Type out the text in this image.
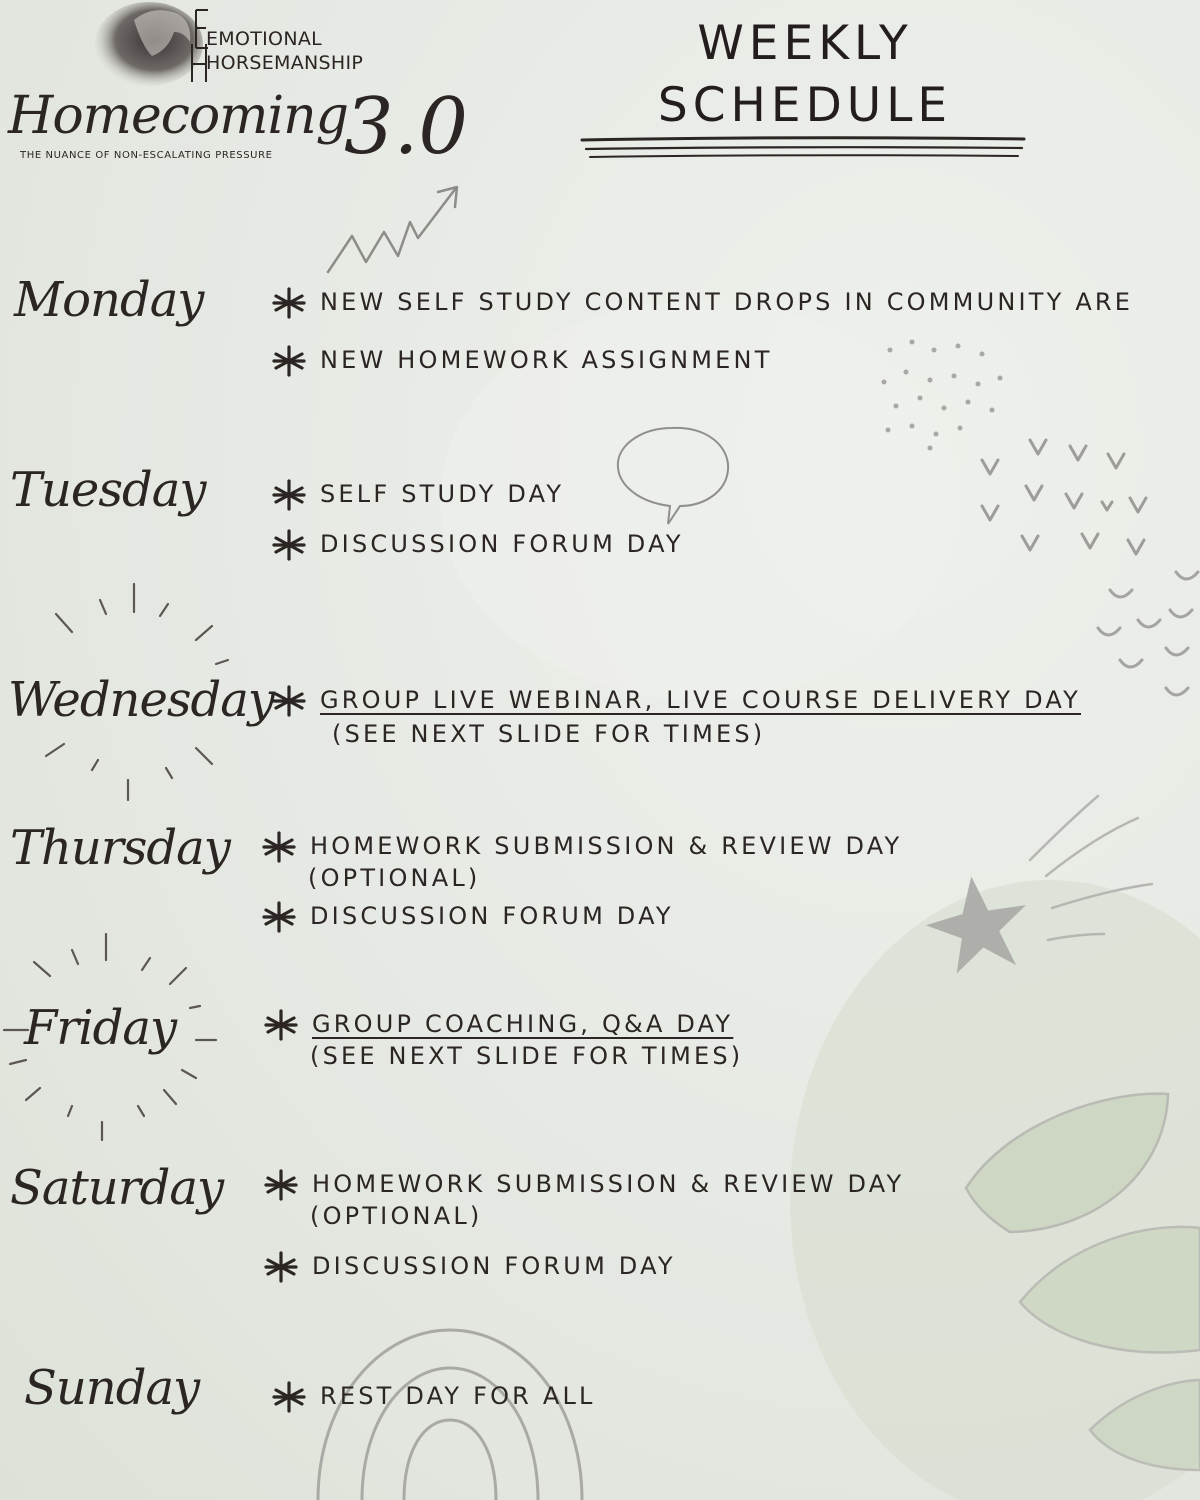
EMOTIONAL

HORSEMANSHIP

Homecoming

3.0

THE NUANCE OF NON-ESCALATING PRESSURE

WEEKLY
SCHEDULE

Monday	NEW SELF STUDY CONTENT DROPS IN COMMUNITY ARE
NEW HOMEWORK ASSIGNMENT

Tuesday	SELF STUDY DAY
DISCUSSION FORUM DAY

Wednesday GROUP LIVE WEBINAR, LIVE COURSE DELIVERY DAY
(SEE NEXT SLIDE FOR TIMES)

Thursday	HOMEWORK SUBMISSION & REVIEW DAY
(OPTIONAL)
DISCUSSION FORUM DAY

Friday	GROUP COACHING, Q&A DAY
(SEE NEXT SLIDE FOR TIMES)

Saturday	HOMEWORK SUBMISSION & REVIEW DAY
(OPTIONAL)
DISCUSSION FORUM DAY

Sunday	REST DAY FOR ALL
